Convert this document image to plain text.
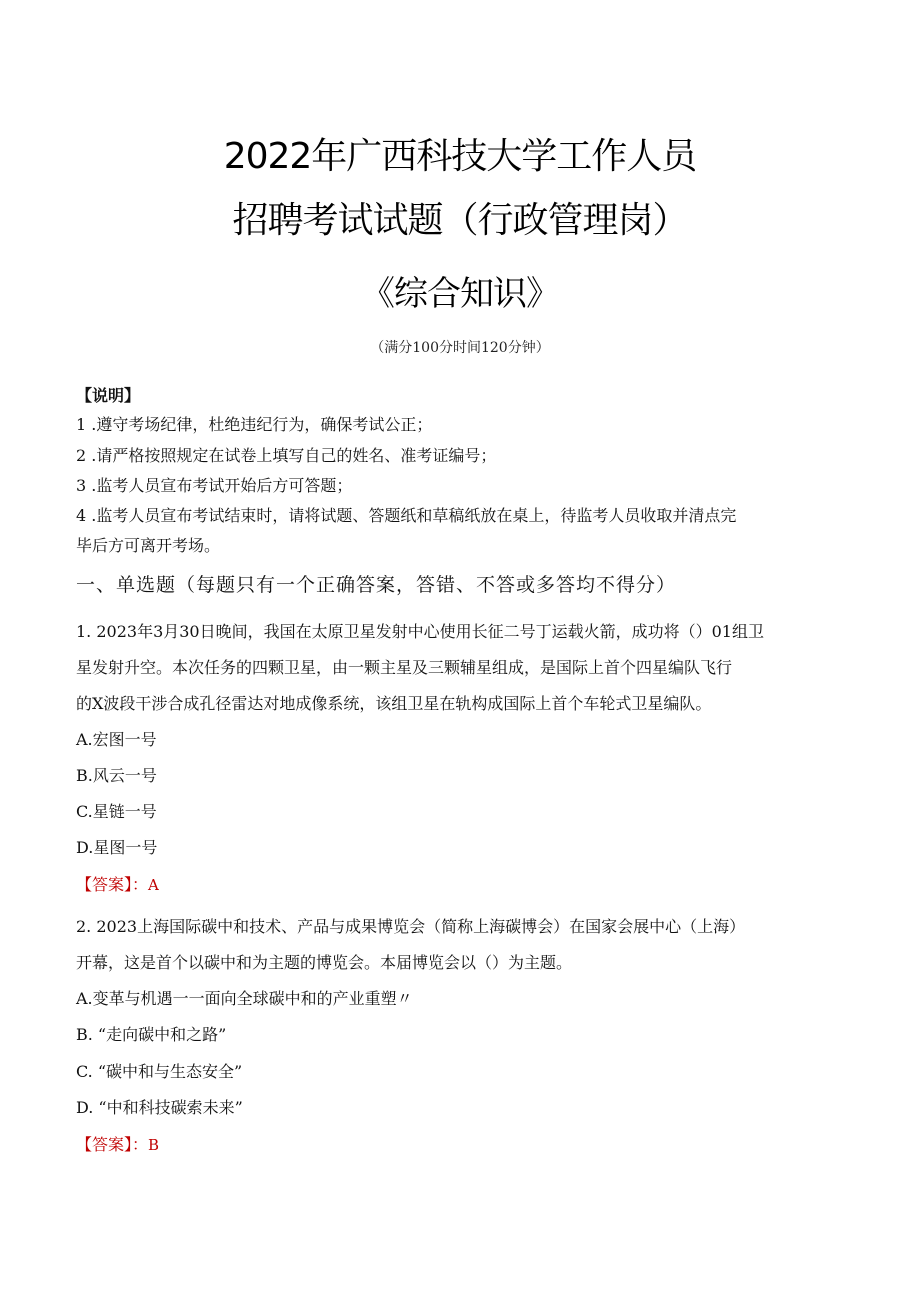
2022年广西科技大学工作人员
招聘考试试题（行政管理岗）
《综合知识》
（满分100分时间120分钟）
【说明】
1 .遵守考场纪律，杜绝违纪行为，确保考试公正；
2 .请严格按照规定在试卷上填写自己的姓名、准考证编号；
3 .监考人员宣布考试开始后方可答题；
4 .监考人员宣布考试结束时，请将试题、答题纸和草稿纸放在桌上，待监考人员收取并清点完
毕后方可离开考场。
一、单选题（每题只有一个正确答案，答错、不答或多答均不得分）
1. 2023年3月30日晚间，我国在太原卫星发射中心使用长征二号丁运载火箭，成功将（）01组卫
星发射升空。本次任务的四颗卫星，由一颗主星及三颗辅星组成，是国际上首个四星编队飞行
的X波段干涉合成孔径雷达对地成像系统，该组卫星在轨构成国际上首个车轮式卫星编队。
A.宏图一号
B.风云一号
C.星链一号
D.星图一号
【答案】：A
2. 2023上海国际碳中和技术、产品与成果博览会（简称上海碳博会）在国家会展中心（上海）
开幕，这是首个以碳中和为主题的博览会。本届博览会以（）为主题。
A.变革与机遇一一面向全球碳中和的产业重塑〃
B. “走向碳中和之路”
C. “碳中和与生态安全”
D. “中和科技碳索未来”
【答案】：B
